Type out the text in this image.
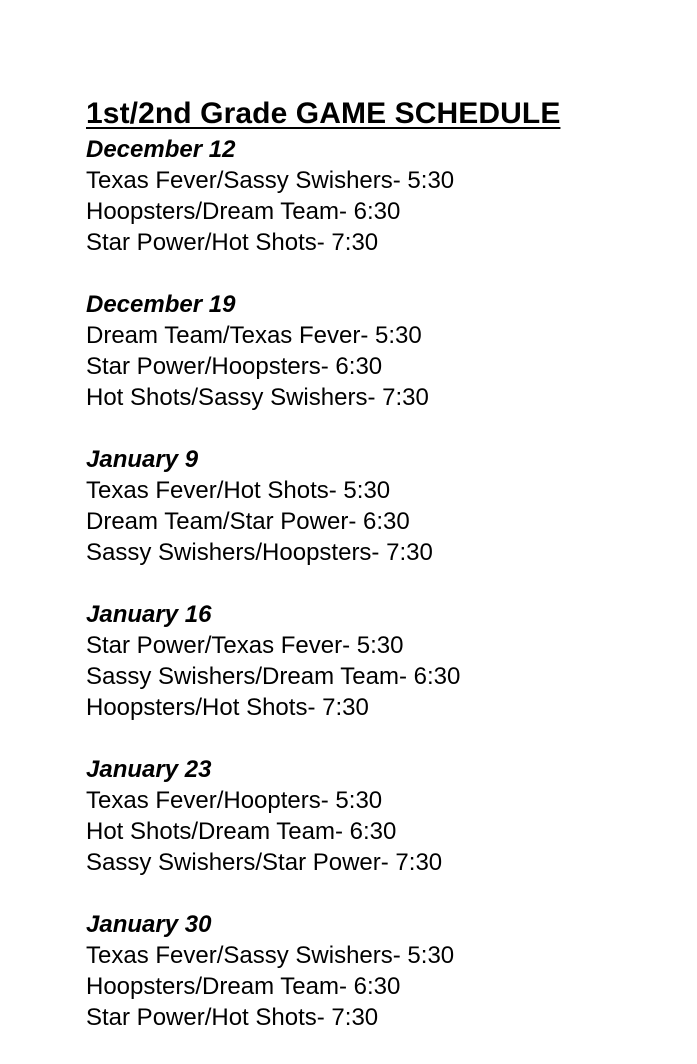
1st/2nd Grade GAME SCHEDULE
December 12
Texas Fever/Sassy Swishers- 5:30
Hoopsters/Dream Team- 6:30
Star Power/Hot Shots- 7:30
December 19
Dream Team/Texas Fever- 5:30
Star Power/Hoopsters- 6:30
Hot Shots/Sassy Swishers- 7:30
January 9
Texas Fever/Hot Shots- 5:30
Dream Team/Star Power- 6:30
Sassy Swishers/Hoopsters- 7:30
January 16
Star Power/Texas Fever- 5:30
Sassy Swishers/Dream Team- 6:30
Hoopsters/Hot Shots- 7:30
January 23
Texas Fever/Hoopters- 5:30
Hot Shots/Dream Team- 6:30
Sassy Swishers/Star Power- 7:30
January 30
Texas Fever/Sassy Swishers- 5:30
Hoopsters/Dream Team- 6:30
Star Power/Hot Shots- 7:30
